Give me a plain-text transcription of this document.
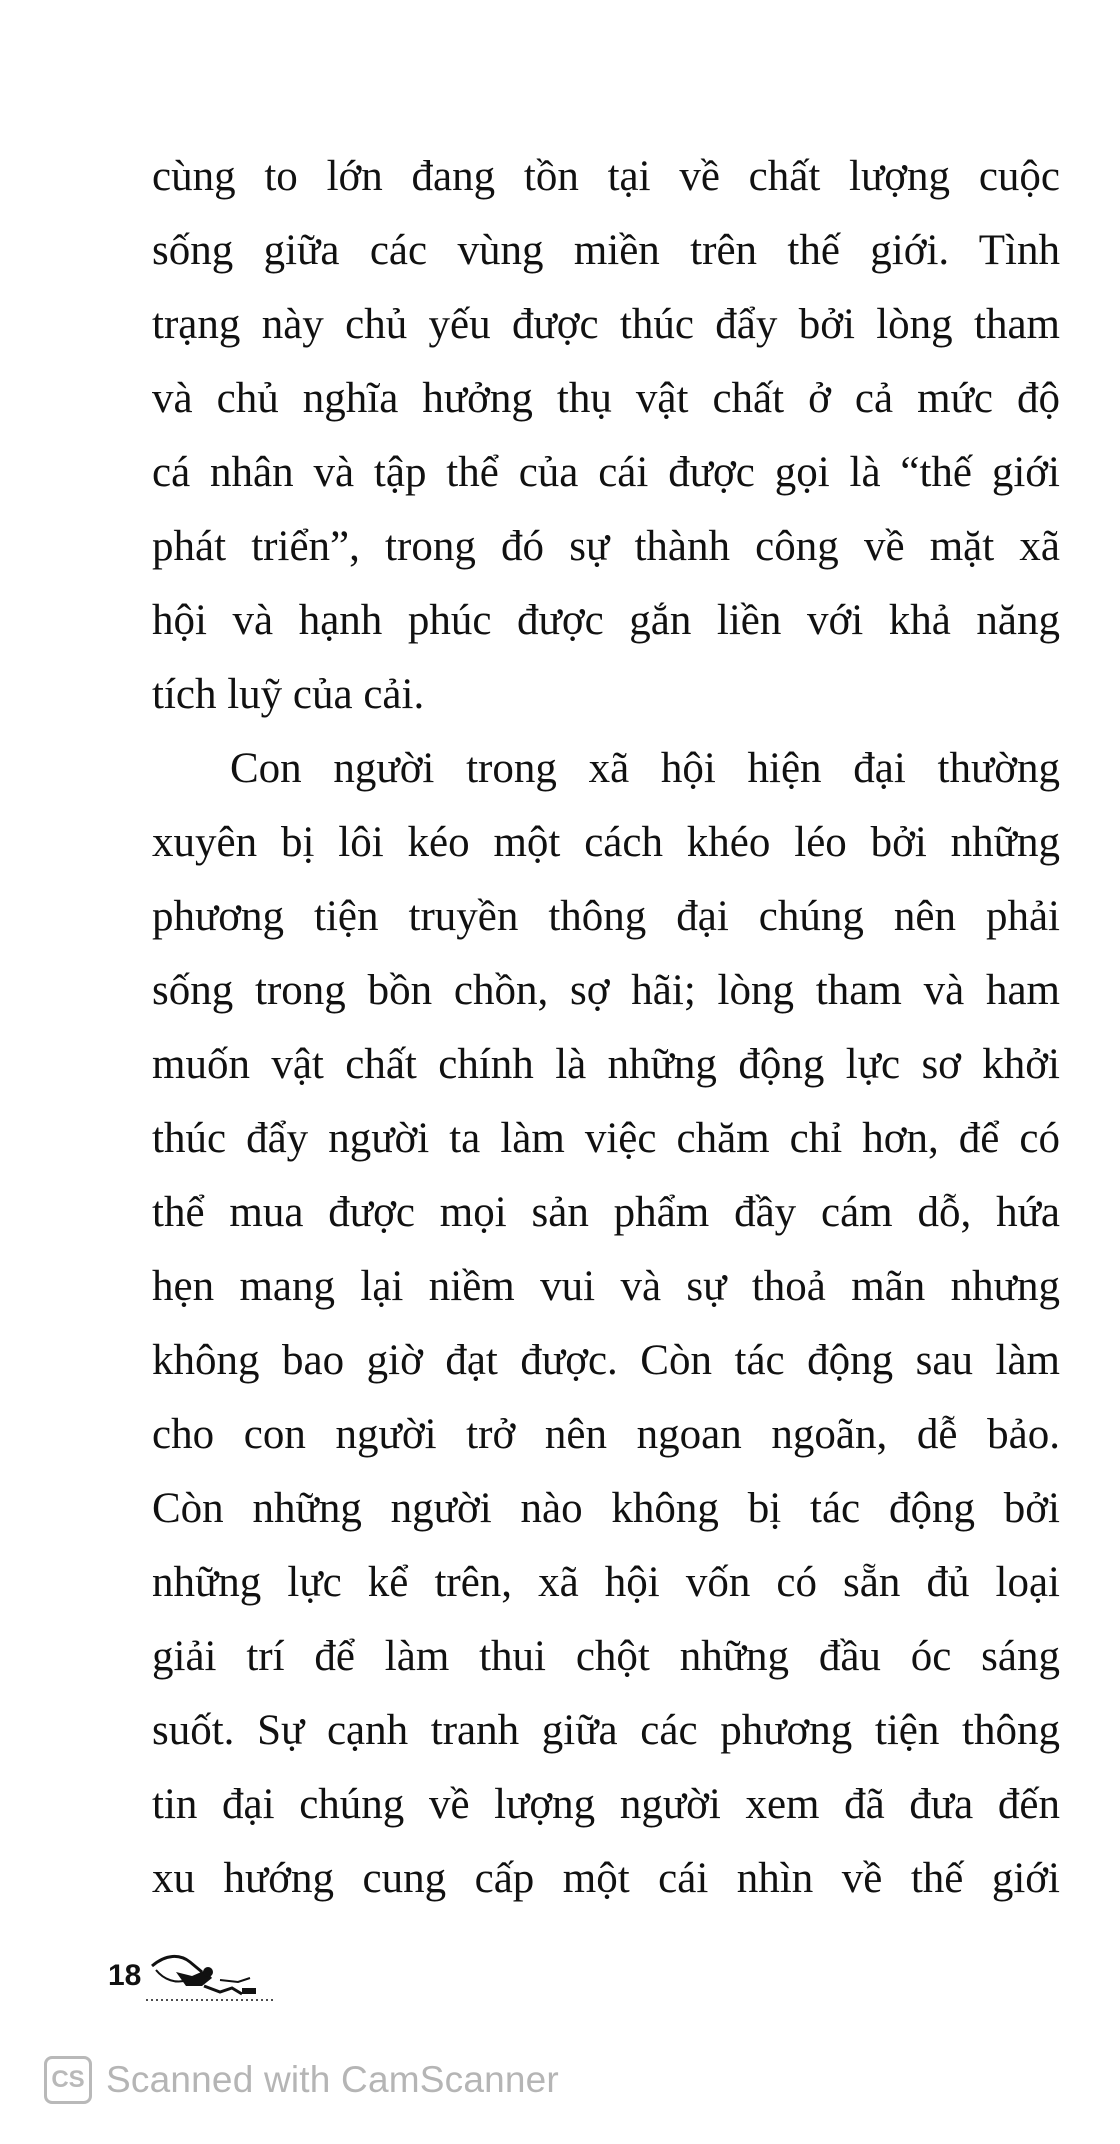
cùng to lớn đang tồn tại về chất lượng cuộc
sống giữa các vùng miền trên thế giới. Tình
trạng này chủ yếu được thúc đẩy bởi lòng tham
và chủ nghĩa hưởng thụ vật chất ở cả mức độ
cá nhân và tập thể của cái được gọi là “thế giới
phát triển”, trong đó sự thành công về mặt xã
hội và hạnh phúc được gắn liền với khả năng
tích luỹ của cải.
Con người trong xã hội hiện đại thường
xuyên bị lôi kéo một cách khéo léo bởi những
phương tiện truyền thông đại chúng nên phải
sống trong bồn chồn, sợ hãi; lòng tham và ham
muốn vật chất chính là những động lực sơ khởi
thúc đẩy người ta làm việc chăm chỉ hơn, để có
thể mua được mọi sản phẩm đầy cám dỗ, hứa
hẹn mang lại niềm vui và sự thoả mãn nhưng
không bao giờ đạt được. Còn tác động sau làm
cho con người trở nên ngoan ngoãn, dễ bảo.
Còn những người nào không bị tác động bởi
những lực kể trên, xã hội vốn có sẵn đủ loại
giải trí để làm thui chột những đầu óc sáng
suốt. Sự cạnh tranh giữa các phương tiện thông
tin đại chúng về lượng người xem đã đưa đến
xu hướng cung cấp một cái nhìn về thế giới
18
CS Scanned with CamScanner
